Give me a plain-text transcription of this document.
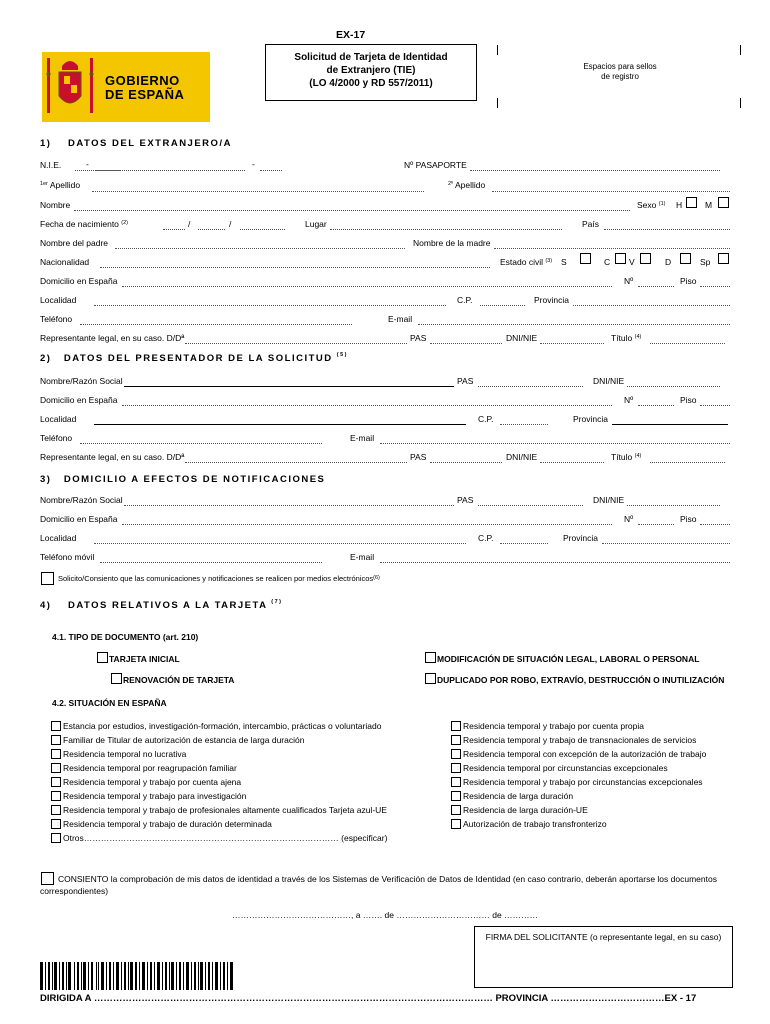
EX-17
Solicitud de Tarjeta de Identidad
de Extranjero (TIE)
(LO 4/2000 y RD 557/2011)
Espacios para sellos
de registro
GOBIERNO
DE ESPAÑA
1) DATOS DEL EXTRANJERO/A
N.I.E.	-	-	Nº PASAPORTE
$^{1er}$ Apellido	$^{2º}$ Apellido
Nombre	Sexo $^{(1)}$ H	M
Fecha de nacimiento $^{(2)}$	/	/	Lugar	País
Nombre del padre	Nombre de la madre
Nacionalidad	Estado civil $^{(3)}$ S	C V	D	Sp
Domicilio en España	Nº	Piso
Localidad	C.P.	Provincia
Teléfono	E-mail
Representante legal, en su caso. D/Dª	PAS	DNI/NIE	Título $^{(4)}$
2) DATOS DEL PRESENTADOR DE LA SOLICITUD $^{(5)}$
Nombre/Razón Social	PAS	DNI/NIE
Domicilio en España	Nº	Piso
Localidad	C.P.	Provincia
Teléfono	E-mail
Representante legal, en su caso. D/Dª	PAS	DNI/NIE	Título $^{(4)}$
3) DOMICILIO A EFECTOS DE NOTIFICACIONES
Nombre/Razón Social	PAS	DNI/NIE
Domicilio en España	Nº	Piso
Localidad	C.P.	Provincia
Teléfono móvil	E-mail
Solicito/Consiento que las comunicaciones y notificaciones se realicen por medios electrónicos$^{(6)}$
4) DATOS RELATIVOS A LA TARJETA $^{(7)}$
4.1. TIPO DE DOCUMENTO (art. 210)
TARJETA INICIAL	MODIFICACIÓN DE SITUACIÓN LEGAL, LABORAL O PERSONAL
RENOVACIÓN DE TARJETA	DUPLICADO POR ROBO, EXTRAVÍO, DESTRUCCIÓN O INUTILIZACIÓN
4.2. SITUACIÓN EN ESPAÑA
Estancia por estudios, investigación-formación, intercambio, prácticas o voluntariado
Familiar de Titular de autorización de estancia de larga duración
Residencia temporal no lucrativa
Residencia temporal por reagrupación familiar
Residencia temporal y trabajo por cuenta ajena
Residencia temporal y trabajo para investigación
Residencia temporal y trabajo de profesionales altamente cualificados Tarjeta azul-UE
Residencia temporal y trabajo de duración determinada
Otros……………………………………………………………………………… (especificar)
Residencia temporal y trabajo por cuenta propia
Residencia temporal y trabajo de transnacionales de servicios
Residencia temporal con excepción de la autorización de trabajo
Residencia temporal por circunstancias excepcionales
Residencia temporal y trabajo por circunstancias excepcionales
Residencia de larga duración
Residencia de larga duración-UE
Autorización de trabajo transfronterizo
CONSIENTO la comprobación de mis datos de identidad a través de los Sistemas de Verificación de Datos de Identidad (en caso contrario, deberán aportarse los documentos
correspondientes)
……………………………………, a ……. de …………………………… de …………
FIRMA DEL SOLICITANTE (o representante legal, en su caso)
DIRIGIDA A ……………………………………………………………………………………………………………… PROVINCIA ………………………………EX - 17
